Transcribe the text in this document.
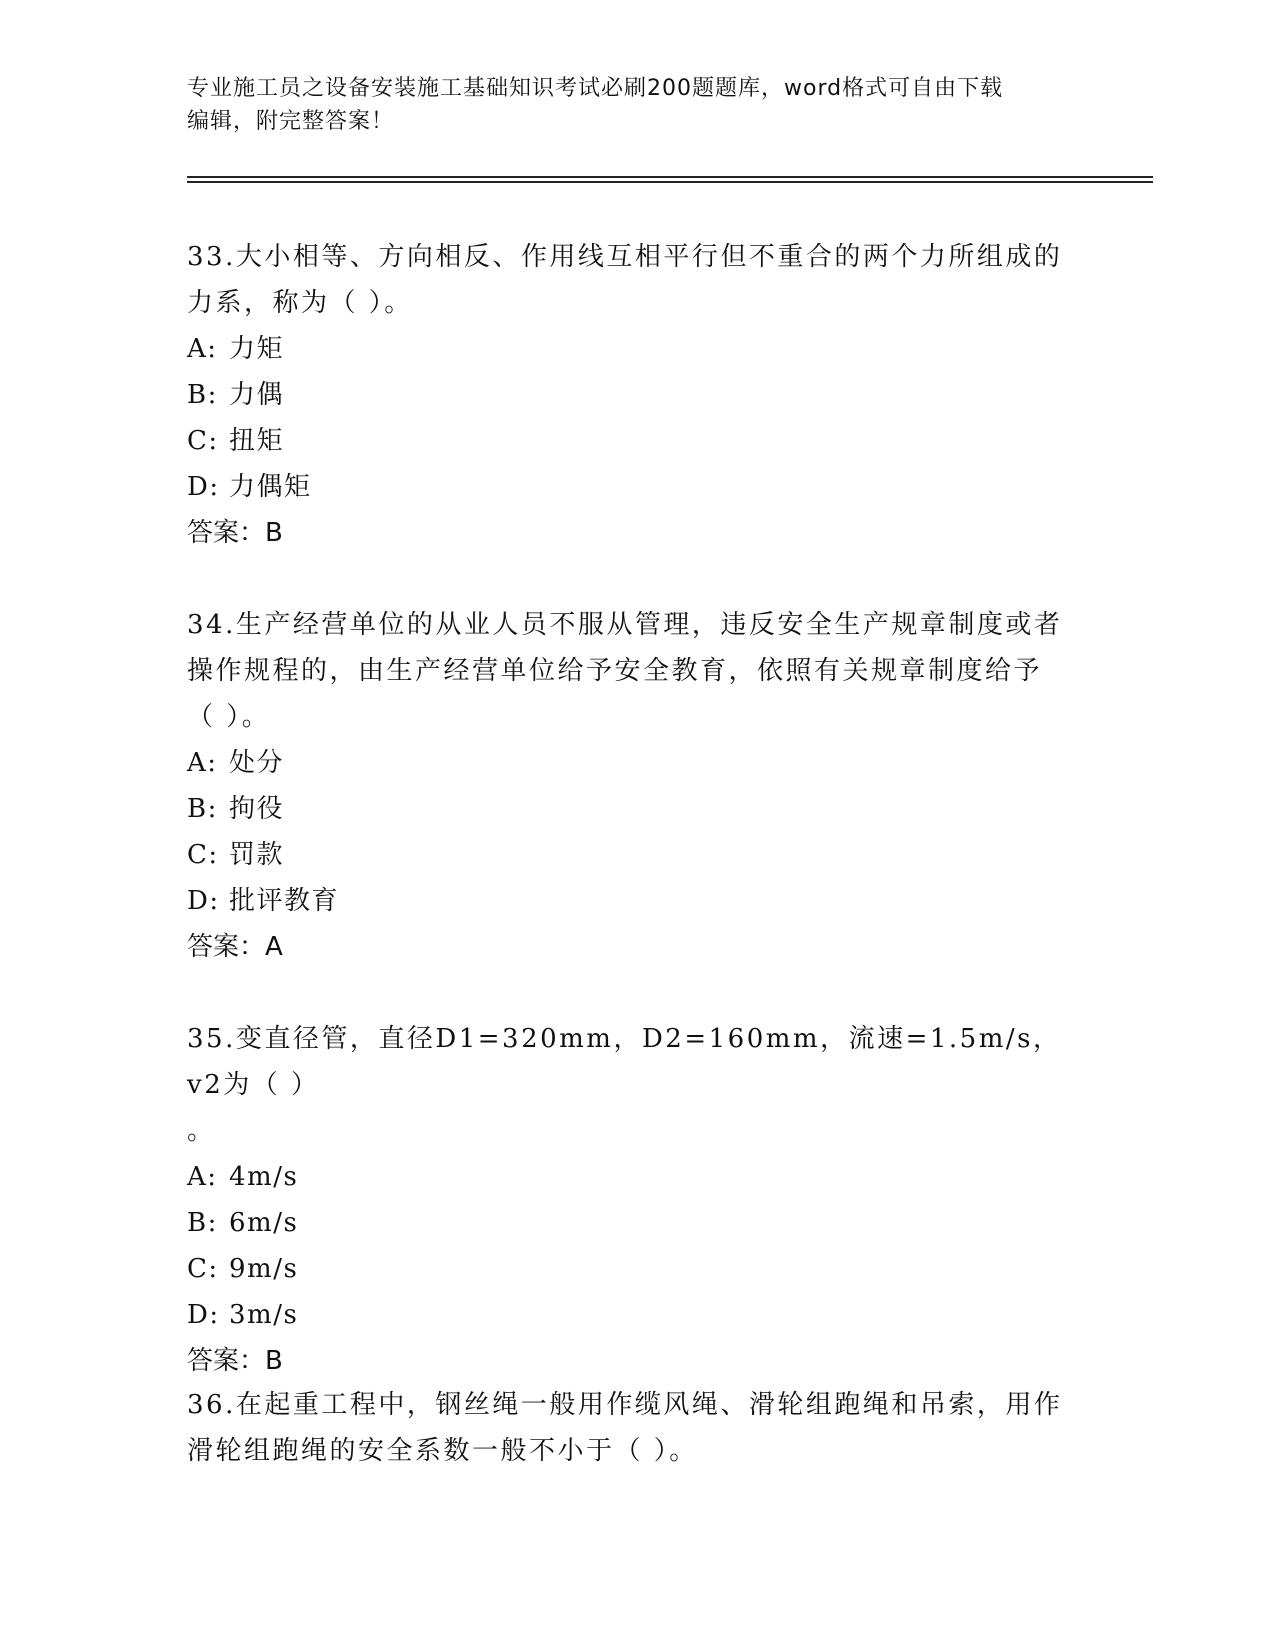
专业施工员之设备安装施工基础知识考试必刷200题题库，word格式可自由下载
编辑，附完整答案！

33.大小相等、方向相反、作用线互相平行但不重合的两个力所组成的

力系，称为（ ）。

A: 力矩

B: 力偶

C: 扭矩

D: 力偶矩

答案：B

34.生产经营单位的从业人员不服从管理，违反安全生产规章制度或者

操作规程的，由生产经营单位给予安全教育，依照有关规章制度给予

（ ）。

A: 处分

B: 拘役

C: 罚款

D: 批评教育

答案：A

35.变直径管，直径D1=320mm，D2=160mm，流速=1.5m/s，v2为（ ）

。

A: 4m/s

B: 6m/s

C: 9m/s

D: 3m/s

答案：B

36.在起重工程中，钢丝绳一般用作缆风绳、滑轮组跑绳和吊索，用作

滑轮组跑绳的安全系数一般不小于（ ）。
